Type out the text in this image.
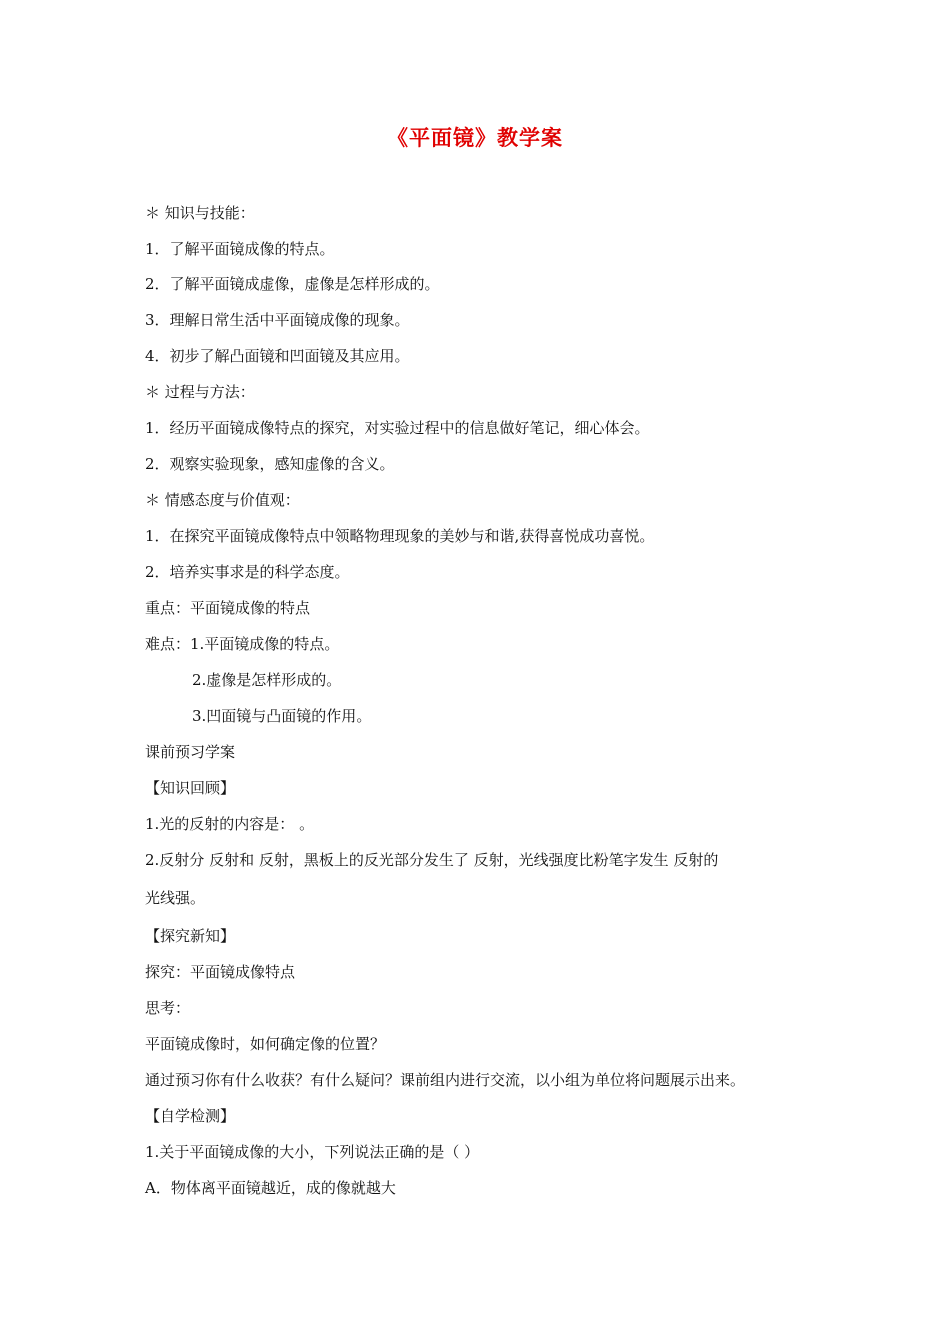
《平面镜》教学案
＊ 知识与技能：
1．了解平面镜成像的特点。
2．了解平面镜成虚像，虚像是怎样形成的。
3．理解日常生活中平面镜成像的现象。
4．初步了解凸面镜和凹面镜及其应用。
＊ 过程与方法：
1．经历平面镜成像特点的探究，对实验过程中的信息做好笔记，细心体会。
2．观察实验现象，感知虚像的含义。
＊ 情感态度与价值观：
1．在探究平面镜成像特点中领略物理现象的美妙与和谐,获得喜悦成功喜悦。
2．培养实事求是的科学态度。
重点：平面镜成像的特点
难点：1.平面镜成像的特点。
2.虚像是怎样形成的。
3.凹面镜与凸面镜的作用。
课前预习学案
【知识回顾】
1.光的反射的内容是： 。
2.反射分 反射和 反射，黑板上的反光部分发生了 反射，光线强度比粉笔字发生 反射的
光线强。
【探究新知】
探究：平面镜成像特点
思考：
平面镜成像时，如何确定像的位置？
通过预习你有什么收获？有什么疑问？课前组内进行交流，以小组为单位将问题展示出来。
【自学检测】
1.关于平面镜成像的大小，下列说法正确的是（ ）
A．物体离平面镜越近，成的像就越大
